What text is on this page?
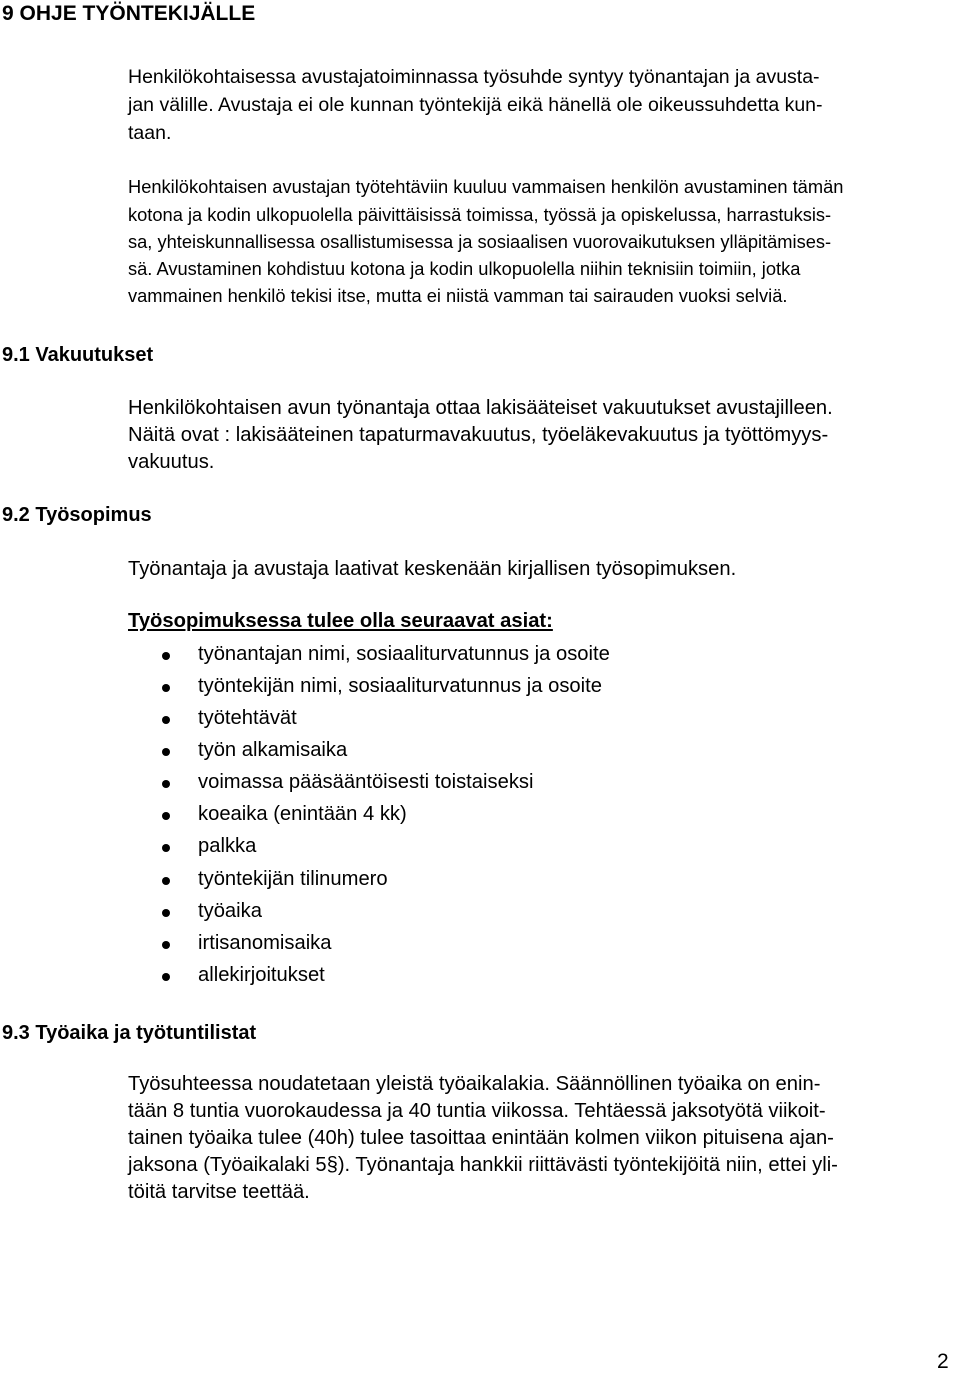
9 OHJE TYÖNTEKIJÄLLE
Henkilökohtaisessa avustajatoiminnassa työsuhde syntyy työnantajan ja avusta-
jan välille. Avustaja ei ole kunnan työntekijä eikä hänellä ole oikeussuhdetta kun-
taan.
Henkilökohtaisen avustajan työtehtäviin kuuluu vammaisen henkilön avustaminen tämän
kotona ja kodin ulkopuolella päivittäisissä toimissa, työssä ja opiskelussa, harrastuksis-
sa, yhteiskunnallisessa osallistumisessa ja sosiaalisen vuorovaikutuksen ylläpitämises-
sä. Avustaminen kohdistuu kotona ja kodin ulkopuolella niihin teknisiin toimiin, jotka
vammainen henkilö tekisi itse, mutta ei niistä vamman tai sairauden vuoksi selviä.
9.1 Vakuutukset
Henkilökohtaisen avun työnantaja ottaa lakisääteiset vakuutukset avustajilleen.
Näitä ovat : lakisääteinen tapaturmavakuutus, työeläkevakuutus ja työttömyys-
vakuutus.
9.2 Työsopimus
Työnantaja ja avustaja laativat keskenään kirjallisen työsopimuksen.
Työsopimuksessa tulee olla seuraavat asiat:
työnantajan nimi, sosiaaliturvatunnus ja osoite
työntekijän nimi, sosiaaliturvatunnus ja osoite
työtehtävät
työn alkamisaika
voimassa pääsääntöisesti toistaiseksi
koeaika (enintään 4 kk)
palkka
työntekijän tilinumero
työaika
irtisanomisaika
allekirjoitukset
9.3 Työaika ja työtuntilistat
Työsuhteessa noudatetaan yleistä työaikalakia. Säännöllinen työaika on enin-
tään 8 tuntia vuorokaudessa ja 40 tuntia viikossa. Tehtäessä jaksotyötä viikoit-
tainen työaika tulee (40h) tulee tasoittaa enintään kolmen viikon pituisena ajan-
jaksona (Työaikalaki 5§). Työnantaja hankkii riittävästi työntekijöitä niin, ettei yli-
töitä tarvitse teettää.
2
